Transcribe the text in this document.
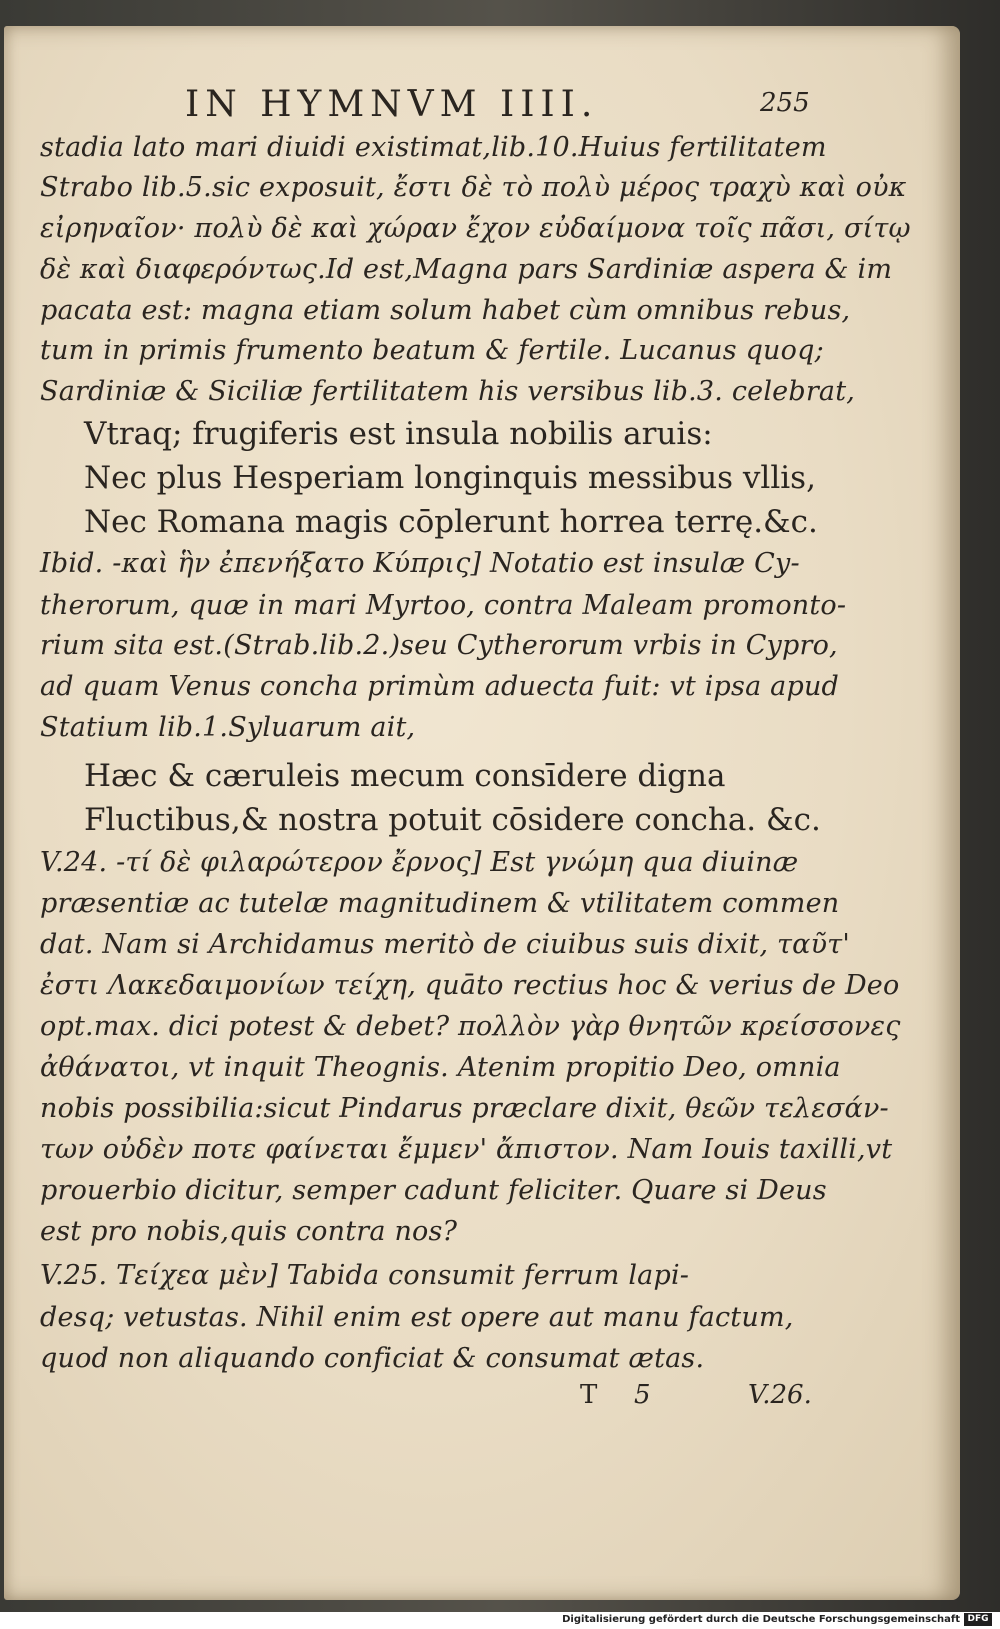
IN HYMNVM IIII.	255
stadia lato mari diuidi existimat,lib.10.Huius fertilitatem
Strabo lib.5.sic exposuit, ἔστι δὲ τὸ πολὺ μέρος τραχὺ καὶ οὐκ
εἰρηναῖον· πολὺ δὲ καὶ χώραν ἔχον εὐδαίμονα τοῖς πᾶσι, σίτῳ
δὲ καὶ διαφερόντως.Id est,Magna pars Sardiniæ aspera & im
pacata est: magna etiam solum habet cùm omnibus rebus,
tum in primis frumento beatum & fertile. Lucanus quoq;
Sardiniæ & Siciliæ fertilitatem his versibus lib.3. celebrat,
Vtraq; frugiferis est insula nobilis aruis:
Nec plus Hesperiam longinquis messibus vllis,
Nec Romana magis cōplerunt horrea terrę.&c.
Ibid. -καὶ ἣν ἐπενήξατο Κύπρις] Notatio est insulæ Cy-
therorum, quæ in mari Myrtoo, contra Maleam promonto-
rium sita est.(Strab.lib.2.)seu Cytherorum vrbis in Cypro,
ad quam Venus concha primùm aduecta fuit: vt ipsa apud
Statium lib.1.Syluarum ait,
Hæc & cæruleis mecum consīdere digna
Fluctibus,& nostra potuit cōsidere concha. &c.
V.24. -τί δὲ φιλαρώτερον ἔρνος] Est γνώμη qua diuinæ
præsentiæ ac tutelæ magnitudinem & vtilitatem commen
dat. Nam si Archidamus meritò de ciuibus suis dixit, ταῦτ'
ἐστι Λακεδαιμονίων τείχη, quāto rectius hoc & verius de Deo
opt.max. dici potest & debet? πολλὸν γὰρ θνητῶν κρείσσονες
ἀθάνατοι, vt inquit Theognis. Atenim propitio Deo, omnia
nobis possibilia:sicut Pindarus præclare dixit, θεῶν τελεσάν-
των οὐδὲν ποτε φαίνεται ἔμμεν' ἄπιστον. Nam Iouis taxilli,vt
prouerbio dicitur, semper cadunt feliciter. Quare si Deus
est pro nobis,quis contra nos?
V.25. Τείχεα μὲν] Tabida consumit ferrum lapi-
desq; vetustas. Nihil enim est opere aut manu factum,
quod non aliquando conficiat & consumat ætas.
T 5	V.26.
Digitalisierung gefördert durch die Deutsche Forschungsgemeinschaft DFG
